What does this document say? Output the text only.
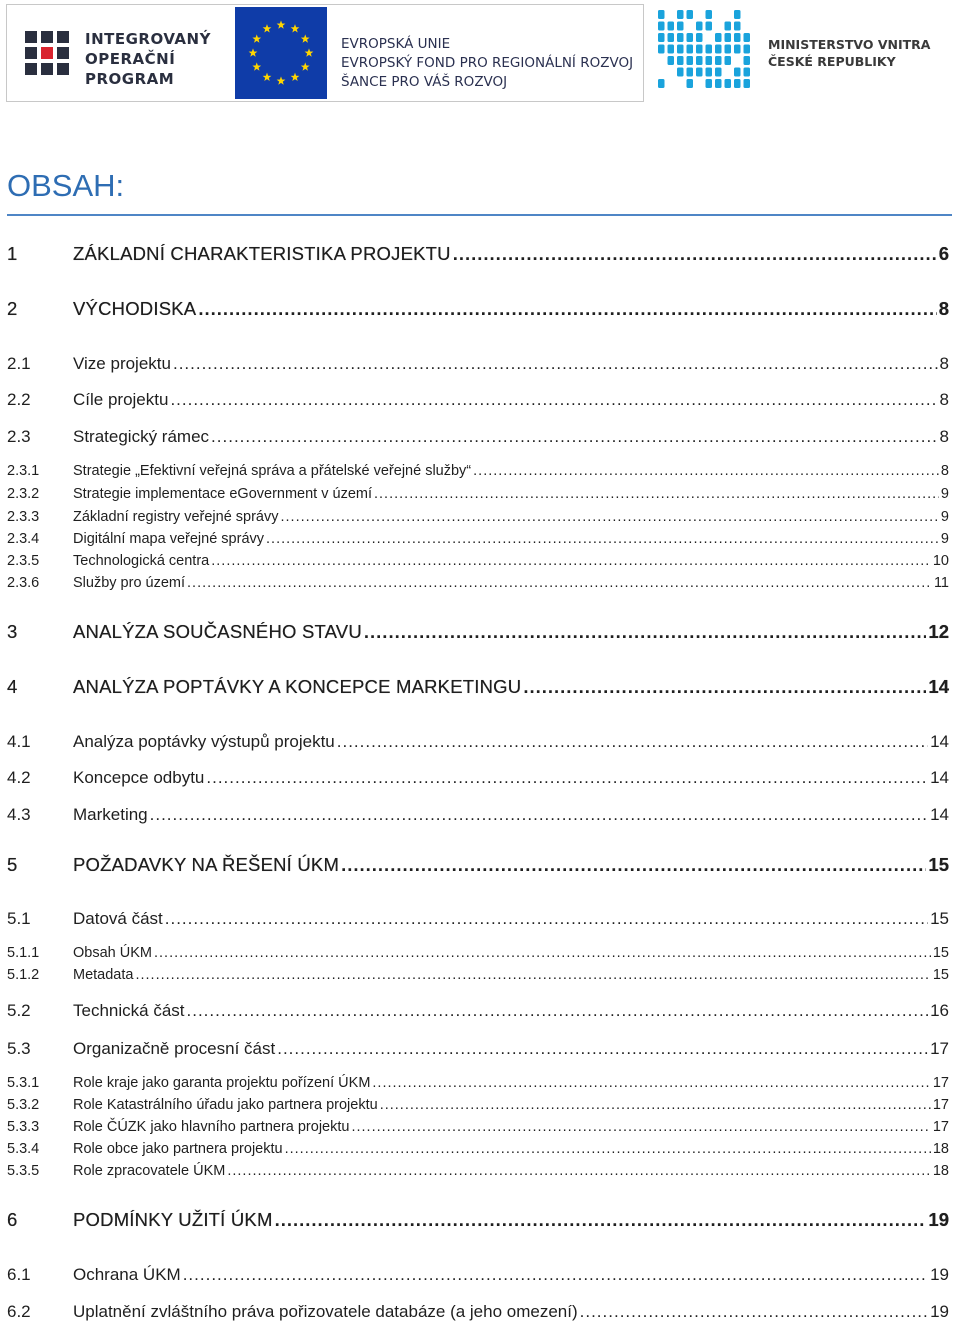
INTEGROVANÝ
OPERAČNÍ
PROGRAM
EVROPSKÁ UNIE
EVROPSKÝ FOND PRO REGIONÁLNÍ ROZVOJ
ŠANCE PRO VÁŠ ROZVOJ
MINISTERSTVO VNITRA
ČESKÉ REPUBLIKY
OBSAH:
1	ZÁKLADNÍ CHARAKTERISTIKA PROJEKTU .....	6
2	VÝCHODISKA .....	8
2.1	Vize projektu .....	8
2.2	Cíle projektu .....	8
2.3	Strategický rámec .....	8
2.3.1	Strategie „Efektivní veřejná správa a přátelské veřejné služby“ .....	8
2.3.2	Strategie implementace eGovernment v území .....	9
2.3.3	Základní registry veřejné správy .....	9
2.3.4	Digitální mapa veřejné správy .....	9
2.3.5	Technologická centra .....	10
2.3.6	Služby pro území .....	11
3	ANALÝZA SOUČASNÉHO STAVU .....	12
4	ANALÝZA POPTÁVKY A KONCEPCE MARKETINGU .....	14
4.1	Analýza poptávky výstupů projektu .....	14
4.2	Koncepce odbytu .....	14
4.3	Marketing .....	14
5	POŽADAVKY NA ŘEŠENÍ ÚKM .....	15
5.1	Datová část .....	15
5.1.1	Obsah ÚKM .....	15
5.1.2	Metadata .....	15
5.2	Technická část .....	16
5.3	Organizačně procesní část .....	17
5.3.1	Role kraje jako garanta projektu pořízení ÚKM .....	17
5.3.2	Role Katastrálního úřadu jako partnera projektu .....	17
5.3.3	Role ČÚZK jako hlavního partnera projektu .....	17
5.3.4	Role obce jako partnera projektu .....	18
5.3.5	Role zpracovatele ÚKM .....	18
6	PODMÍNKY UŽITÍ ÚKM .....	19
6.1	Ochrana ÚKM .....	19
6.2	Uplatnění zvláštního práva pořizovatele databáze (a jeho omezení) .....	19
